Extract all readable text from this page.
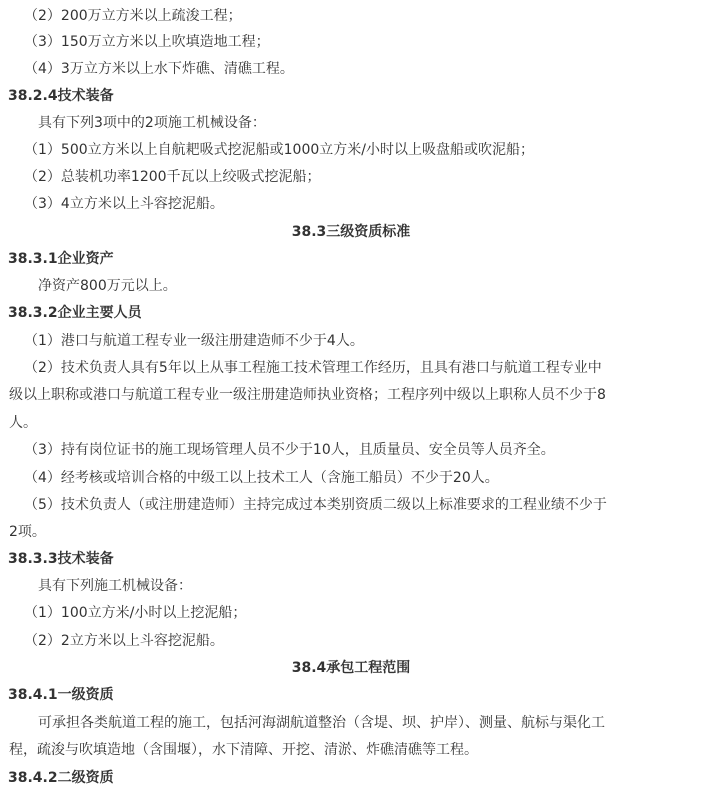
（2）200万立方米以上疏浚工程；
（3）150万立方米以上吹填造地工程；
（4）3万立方米以上水下炸礁、清礁工程。
38.2.4技术装备
具有下列3项中的2项施工机械设备：
（1）500立方米以上自航耙吸式挖泥船或1000立方米/小时以上吸盘船或吹泥船；
（2）总装机功率1200千瓦以上绞吸式挖泥船；
（3）4立方米以上斗容挖泥船。
38.3三级资质标准
38.3.1企业资产
净资产800万元以上。
38.3.2企业主要人员
（1）港口与航道工程专业一级注册建造师不少于4人。
（2）技术负责人具有5年以上从事工程施工技术管理工作经历，且具有港口与航道工程专业中
级以上职称或港口与航道工程专业一级注册建造师执业资格；工程序列中级以上职称人员不少于8
人。
（3）持有岗位证书的施工现场管理人员不少于10人，且质量员、安全员等人员齐全。
（4）经考核或培训合格的中级工以上技术工人（含施工船员）不少于20人。
（5）技术负责人（或注册建造师）主持完成过本类别资质二级以上标准要求的工程业绩不少于
2项。
38.3.3技术装备
具有下列施工机械设备：
（1）100立方米/小时以上挖泥船；
（2）2立方米以上斗容挖泥船。
38.4承包工程范围
38.4.1一级资质
可承担各类航道工程的施工，包括河海湖航道整治（含堤、坝、护岸）、测量、航标与渠化工
程，疏浚与吹填造地（含围堰），水下清障、开挖、清淤、炸礁清礁等工程。
38.4.2二级资质
